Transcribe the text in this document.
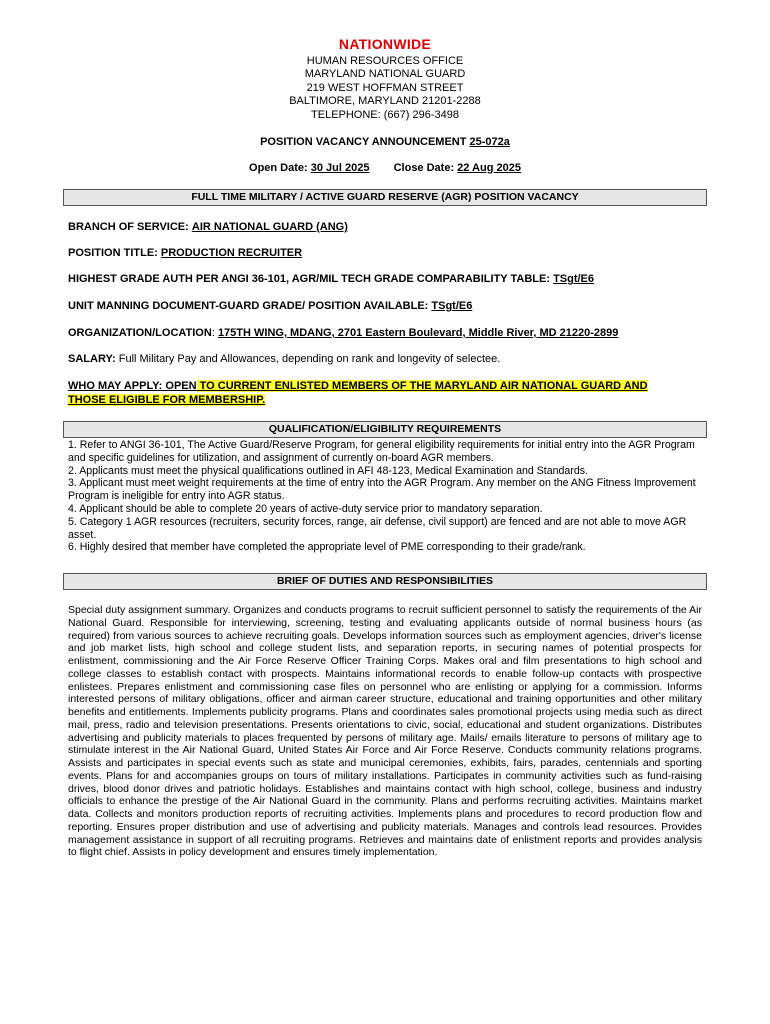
NATIONWIDE
HUMAN RESOURCES OFFICE
MARYLAND NATIONAL GUARD
219 WEST HOFFMAN STREET
BALTIMORE, MARYLAND 21201-2288
TELEPHONE: (667) 296-3498
POSITION VACANCY ANNOUNCEMENT 25-072a
Open Date: 30 Jul 2025 Close Date: 22 Aug 2025
FULL TIME MILITARY / ACTIVE GUARD RESERVE (AGR) POSITION VACANCY
BRANCH OF SERVICE: AIR NATIONAL GUARD (ANG)
POSITION TITLE: PRODUCTION RECRUITER
HIGHEST GRADE AUTH PER ANGI 36-101, AGR/MIL TECH GRADE COMPARABILITY TABLE: TSgt/E6
UNIT MANNING DOCUMENT-GUARD GRADE/ POSITION AVAILABLE: TSgt/E6
ORGANIZATION/LOCATION: 175TH WING, MDANG, 2701 Eastern Boulevard, Middle River, MD 21220-2899
SALARY: Full Military Pay and Allowances, depending on rank and longevity of selectee.
WHO MAY APPLY: OPEN TO CURRENT ENLISTED MEMBERS OF THE MARYLAND AIR NATIONAL GUARD AND
THOSE ELIGIBLE FOR MEMBERSHIP.
QUALIFICATION/ELIGIBILITY REQUIREMENTS

1. Refer to ANGI 36-101, The Active Guard/Reserve Program, for general eligibility requirements for initial entry into the AGR Program and specific guidelines for utilization, and assignment of currently on-board AGR members.

2. Applicants must meet the physical qualifications outlined in AFI 48-123, Medical Examination and Standards.

3. Applicant must meet weight requirements at the time of entry into the AGR Program. Any member on the ANG Fitness Improvement Program is ineligible for entry into AGR status.

4. Applicant should be able to complete 20 years of active-duty service prior to mandatory separation.

5. Category 1 AGR resources (recruiters, security forces, range, air defense, civil support) are fenced and are not able to move AGR asset.

6. Highly desired that member have completed the appropriate level of PME corresponding to their grade/rank.

BRIEF OF DUTIES AND RESPONSIBILITIES
Special duty assignment summary. Organizes and conducts programs to recruit sufficient personnel to satisfy the requirements of the Air National Guard. Responsible for interviewing, screening, testing and evaluating applicants outside of normal business hours (as required) from various sources to achieve recruiting goals. Develops information sources such as employment agencies, driver's license and job market lists, high school and college student lists, and separation reports, in securing names of potential prospects for enlistment, commissioning and the Air Force Reserve Officer Training Corps. Makes oral and film presentations to high school and college classes to establish contact with prospects. Maintains informational records to enable follow-up contacts with prospective enlistees. Prepares enlistment and commissioning case files on personnel who are enlisting or applying for a commission. Informs interested persons of military obligations, officer and airman career structure, educational and training opportunities and other military benefits and entitlements. Implements publicity programs. Plans and coordinates sales promotional projects using media such as direct mail, press, radio and television presentations. Presents orientations to civic, social, educational and student organizations. Distributes advertising and publicity materials to places frequented by persons of military age. Mails/ emails literature to persons of military age to stimulate interest in the Air National Guard, United States Air Force and Air Force Reserve. Conducts community relations programs. Assists and participates in special events such as state and municipal ceremonies, exhibits, fairs, parades, centennials and sporting events. Plans for and accompanies groups on tours of military installations. Participates in community activities such as fund-raising drives, blood donor drives and patriotic holidays. Establishes and maintains contact with high school, college, business and industry officials to enhance the prestige of the Air National Guard in the community. Plans and performs recruiting activities. Maintains market data. Collects and monitors production reports of recruiting activities. Implements plans and procedures to record production flow and reporting. Ensures proper distribution and use of advertising and publicity materials. Manages and controls lead resources. Provides management assistance in support of all recruiting programs. Retrieves and maintains date of enlistment reports and provides analysis to flight chief. Assists in policy development and ensures timely implementation.
